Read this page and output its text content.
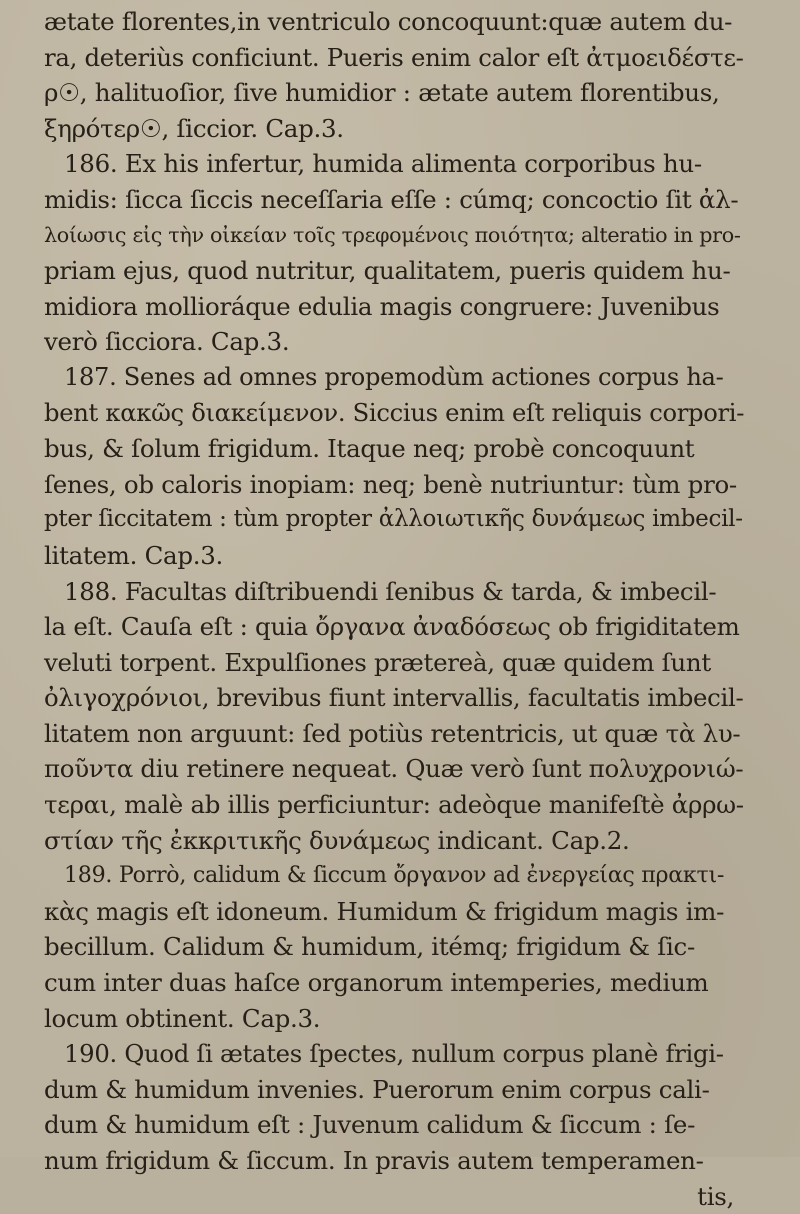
ætate florentes,in ventriculo concoquunt:quæ autem du-
ra, deteriùs conficiunt. Pueris enim calor eſt ἀτμοειδέστε-
ρ☉, halituoſior, ſive humidior : ætate autem florentibus,
ξηρότερ☉, ſiccior. Cap.3.
186. Ex his infertur, humida alimenta corporibus hu-
midis: ſicca ſiccis neceſſaria eſſe : cúmq; concoctio ſit ἀλ-
λοίωσις εἰς τὴν οἰκείαν τοῖς τρεφομένοις ποιότητα; alteratio in pro-
priam ejus, quod nutritur, qualitatem, pueris quidem hu-
midiora mollioráque edulia magis congruere: Juvenibus
verò ſicciora. Cap.3.
187. Senes ad omnes propemodùm actiones corpus ha-
bent κακῶς διακείμενον. Siccius enim eſt reliquis corpori-
bus, & ſolum frigidum. Itaque neq; probè concoquunt
ſenes, ob caloris inopiam: neq; benè nutriuntur: tùm pro-
pter ſiccitatem : tùm propter ἀλλοιωτικῆς δυνάμεως imbecil-
litatem. Cap.3.
188. Facultas diſtribuendi ſenibus & tarda, & imbecil-
la eſt. Cauſa eſt : quia ὄργανα ἀναδόσεως ob frigiditatem
veluti torpent. Expulſiones prætereà, quæ quidem ſunt
ὀλιγοχρόνιοι, brevibus fiunt intervallis, facultatis imbecil-
litatem non arguunt: ſed potiùs retentricis, ut quæ τὰ λυ-
ποῦντα diu retinere nequeat. Quæ verò ſunt πολυχρονιώ-
τεραι, malè ab illis perficiuntur: adeòque manifeſtè ἀρρω-
στίαν τῆς ἐκκριτικῆς δυνάμεως indicant. Cap.2.
189. Porrò, calidum & ſiccum ὄργανον ad ἐνεργείας πρακτι-
κὰς magis eſt idoneum. Humidum & frigidum magis im-
becillum. Calidum & humidum, itémq; frigidum & ſic-
cum inter duas haſce organorum intemperies, medium
locum obtinent. Cap.3.
190. Quod ſi ætates ſpectes, nullum corpus planè frigi-
dum & humidum invenies. Puerorum enim corpus cali-
dum & humidum eſt : Juvenum calidum & ſiccum : ſe-
num frigidum & ſiccum. In pravis autem temperamen-
tis,
